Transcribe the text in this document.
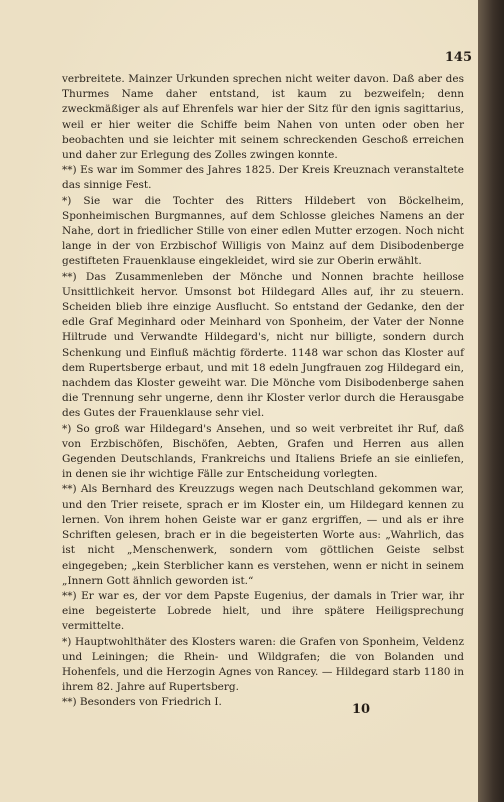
145

verbreitete. Mainzer Urkunden sprechen nicht weiter davon. Daß aber des Thurmes Name daher entstand, ist kaum zu bezweifeln; denn zweckmäßiger als auf Ehrenfels war hier der Sitz für den ignis sagittarius, weil er hier weiter die Schiffe beim Nahen von unten oder oben her beobachten und sie leichter mit seinem schreckenden Geschoß erreichen und daher zur Erlegung des Zolles zwingen konnte.

**) Es war im Sommer des Jahres 1825. Der Kreis Kreuznach veranstaltete das sinnige Fest.

*) Sie war die Tochter des Ritters Hildebert von Böckelheim, Sponheimischen Burgmannes, auf dem Schlosse gleiches Namens an der Nahe, dort in friedlicher Stille von einer edlen Mutter erzogen. Noch nicht lange in der von Erzbischof Willigis von Mainz auf dem Disibodenberge gestifteten Frauenklause eingekleidet, wird sie zur Oberin erwählt.

**) Das Zusammenleben der Mönche und Nonnen brachte heillose Unsittlichkeit hervor. Umsonst bot Hildegard Alles auf, ihr zu steuern. Scheiden blieb ihre einzige Ausflucht. So entstand der Gedanke, den der edle Graf Meginhard oder Meinhard von Sponheim, der Vater der Nonne Hiltrude und Verwandte Hildegard's, nicht nur billigte, sondern durch Schenkung und Einfluß mächtig förderte. 1148 war schon das Kloster auf dem Rupertsberge erbaut, und mit 18 edeln Jungfrauen zog Hildegard ein, nachdem das Kloster geweiht war. Die Mönche vom Disibodenberge sahen die Trennung sehr ungerne, denn ihr Kloster verlor durch die Herausgabe des Gutes der Frauenklause sehr viel.

*) So groß war Hildegard's Ansehen, und so weit verbreitet ihr Ruf, daß von Erzbischöfen, Bischöfen, Aebten, Grafen und Herren aus allen Gegenden Deutschlands, Frankreichs und Italiens Briefe an sie einliefen, in denen sie ihr wichtige Fälle zur Entscheidung vorlegten.

**) Als Bernhard des Kreuzzugs wegen nach Deutschland gekommen war, und den Trier reisete, sprach er im Kloster ein, um Hildegard kennen zu lernen. Von ihrem hohen Geiste war er ganz ergriffen, — und als er ihre Schriften gelesen, brach er in die begeisterten Worte aus: „Wahrlich, das ist nicht „Menschenwerk, sondern vom göttlichen Geiste selbst eingegeben; „kein Sterblicher kann es verstehen, wenn er nicht in seinem „Innern Gott ähnlich geworden ist.“

**) Er war es, der vor dem Papste Eugenius, der damals in Trier war, ihr eine begeisterte Lobrede hielt, und ihre spätere Heiligsprechung vermittelte.

*) Hauptwohlthäter des Klosters waren: die Grafen von Sponheim, Veldenz und Leiningen; die Rhein- und Wildgrafen; die von Bolanden und Hohenfels, und die Herzogin Agnes von Rancey. — Hildegard starb 1180 in ihrem 82. Jahre auf Rupertsberg.

**) Besonders von Friedrich I.	10
